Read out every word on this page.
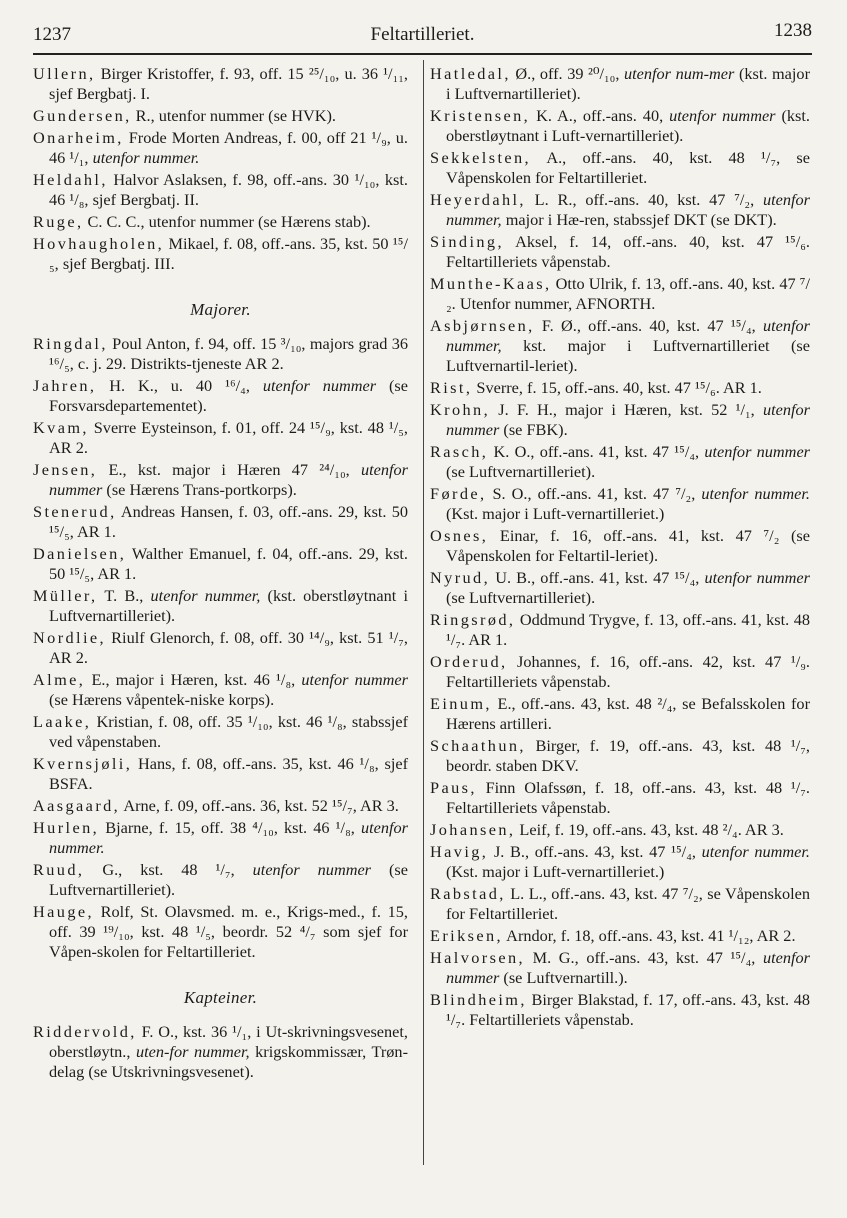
1237	Feltartilleriet.	1238

Ullern, Birger Kristoffer, f. 93, off. 15 ²⁵/₁₀, u. 36 ¹/₁₁, sjef Bergbatj. I.

Gundersen, R., utenfor nummer (se HVK).

Onarheim, Frode Morten Andreas, f. 00, off 21 ¹/₉, u. 46 ¹/₁, utenfor nummer.

Heldahl, Halvor Aslaksen, f. 98, off.-ans. 30 ¹/₁₀, kst. 46 ¹/₈, sjef Bergbatj. II.

Ruge, C. C. C., utenfor nummer (se Hærens stab).

Hovhaugholen, Mikael, f. 08, off.-ans. 35, kst. 50 ¹⁵/₅, sjef Bergbatj. III.

Majorer.

Ringdal, Poul Anton, f. 94, off. 15 ³/₁₀, majors grad 36 ¹⁶/₅, c. j. 29. Distrikts-tjeneste AR 2.

Jahren, H. K., u. 40 ¹⁶/₄, utenfor nummer (se Forsvarsdepartementet).

Kvam, Sverre Eysteinson, f. 01, off. 24 ¹⁵/₉, kst. 48 ¹/₅, AR 2.

Jensen, E., kst. major i Hæren 47 ²⁴/₁₀, utenfor nummer (se Hærens Trans-portkorps).

Stenerud, Andreas Hansen, f. 03, off.-ans. 29, kst. 50 ¹⁵/₅, AR 1.

Danielsen, Walther Emanuel, f. 04, off.-ans. 29, kst. 50 ¹⁵/₅, AR 1.

Müller, T. B., utenfor nummer, (kst. oberstløytnant i Luftvernartilleriet).

Nordlie, Riulf Glenorch, f. 08, off. 30 ¹⁴/₉, kst. 51 ¹/₇, AR 2.

Alme, E., major i Hæren, kst. 46 ¹/₈, utenfor nummer (se Hærens våpentek-niske korps).

Laake, Kristian, f. 08, off. 35 ¹/₁₀, kst. 46 ¹/₈, stabssjef ved våpenstaben.

Kvernsjøli, Hans, f. 08, off.-ans. 35, kst. 46 ¹/₈, sjef BSFA.

Aasgaard, Arne, f. 09, off.-ans. 36, kst. 52 ¹⁵/₇, AR 3.

Hurlen, Bjarne, f. 15, off. 38 ⁴/₁₀, kst. 46 ¹/₈, utenfor nummer.

Ruud, G., kst. 48 ¹/₇, utenfor nummer (se Luftvernartilleriet).

Hauge, Rolf, St. Olavsmed. m. e., Krigs-med., f. 15, off. 39 ¹⁹/₁₀, kst. 48 ¹/₅, beordr. 52 ⁴/₇ som sjef for Våpen-skolen for Feltartilleriet.

Kapteiner.

Riddervold, F. O., kst. 36 ¹/₁, i Ut-skrivningsvesenet, oberstløytn., uten-for nummer, krigskommissær, Trøn-delag (se Utskrivningsvesenet).

Hatledal, Ø., off. 39 ²⁰/₁₀, utenfor num-mer (kst. major i Luftvernartilleriet).

Kristensen, K. A., off.-ans. 40, utenfor nummer (kst. oberstløytnant i Luft-vernartilleriet).

Sekkelsten, A., off.-ans. 40, kst. 48 ¹/₇, se Våpenskolen for Feltartilleriet.

Heyerdahl, L. R., off.-ans. 40, kst. 47 ⁷/₂, utenfor nummer, major i Hæ-ren, stabssjef DKT (se DKT).

Sinding, Aksel, f. 14, off.-ans. 40, kst. 47 ¹⁵/₆. Feltartilleriets våpenstab.

Munthe-Kaas, Otto Ulrik, f. 13, off.-ans. 40, kst. 47 ⁷/₂. Utenfor nummer, AFNORTH.

Asbjørnsen, F. Ø., off.-ans. 40, kst. 47 ¹⁵/₄, utenfor nummer, kst. major i Luftvernartilleriet (se Luftvernartil-leriet).

Rist, Sverre, f. 15, off.-ans. 40, kst. 47 ¹⁵/₆. AR 1.

Krohn, J. F. H., major i Hæren, kst. 52 ¹/₁, utenfor nummer (se FBK).

Rasch, K. O., off.-ans. 41, kst. 47 ¹⁵/₄, utenfor nummer (se Luftvernartilleriet).

Førde, S. O., off.-ans. 41, kst. 47 ⁷/₂, utenfor nummer. (Kst. major i Luft-vernartilleriet.)

Osnes, Einar, f. 16, off.-ans. 41, kst. 47 ⁷/₂ (se Våpenskolen for Feltartil-leriet).

Nyrud, U. B., off.-ans. 41, kst. 47 ¹⁵/₄, utenfor nummer (se Luftvernartilleriet).

Ringsrød, Oddmund Trygve, f. 13, off.-ans. 41, kst. 48 ¹/₇. AR 1.

Orderud, Johannes, f. 16, off.-ans. 42, kst. 47 ¹/₉. Feltartilleriets våpenstab.

Einum, E., off.-ans. 43, kst. 48 ²/₄, se Befalsskolen for Hærens artilleri.

Schaathun, Birger, f. 19, off.-ans. 43, kst. 48 ¹/₇, beordr. staben DKV.

Paus, Finn Olafssøn, f. 18, off.-ans. 43, kst. 48 ¹/₇. Feltartilleriets våpenstab.

Johansen, Leif, f. 19, off.-ans. 43, kst. 48 ²/₄. AR 3.

Havig, J. B., off.-ans. 43, kst. 47 ¹⁵/₄, utenfor nummer. (Kst. major i Luft-vernartilleriet.)

Rabstad, L. L., off.-ans. 43, kst. 47 ⁷/₂, se Våpenskolen for Feltartilleriet.

Eriksen, Arndor, f. 18, off.-ans. 43, kst. 41 ¹/₁₂, AR 2.

Halvorsen, M. G., off.-ans. 43, kst. 47 ¹⁵/₄, utenfor nummer (se Luftvernartill.).

Blindheim, Birger Blakstad, f. 17, off.-ans. 43, kst. 48 ¹/₇. Feltartilleriets våpenstab.
